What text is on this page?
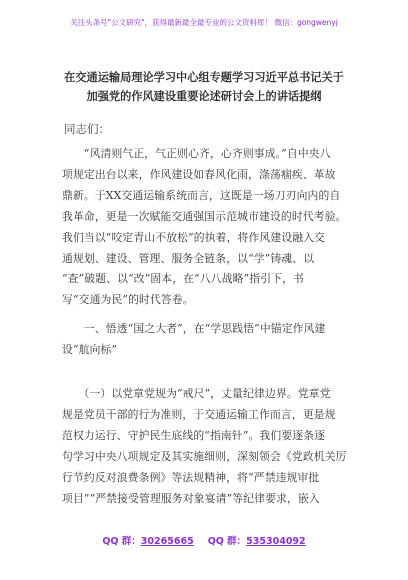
关注头条号"公文研究"，获得最新最全最专业的公文资料库！ 微信：gongwenyj
在交通运输局理论学习中心组专题学习习近平总书记关于
加强党的作风建设重要论述研讨会上的讲话提纲
同志们：
　　“风清则气正，气正则心齐，心齐则事成。”自中央八
项规定出台以来，作风建设如春风化雨，涤荡痼疾、革故
鼎新。于XX交通运输系统而言，这既是一场刀刃向内的自
我革命，更是一次赋能交通强国示范城市建设的时代考验。
我们当以“咬定青山不放松”的执着，将作风建设融入交
通规划、建设、管理、服务全链条，以“学”铸魂、以
“查”破题、以“改”固本，在“八八战略”指引下，书
写“交通为民”的时代答卷。
　　一、悟透“国之大者”，在“学思践悟”中锚定作风建
设“航向标”
　　（一）以党章党规为“戒尺”，丈量纪律边界。党章党
规是党员干部的行为准则，于交通运输工作而言，更是规
范权力运行、守护民生底线的“指南针”。我们要逐条逐
句学习中央八项规定及其实施细则，深刻领会《党政机关厉
行节约反对浪费条例》等法规精神，将“严禁违规审批
项目”“严禁接受管理服务对象宴请”等纪律要求，嵌入
QQ 群：30265665 QQ 群：535304092
